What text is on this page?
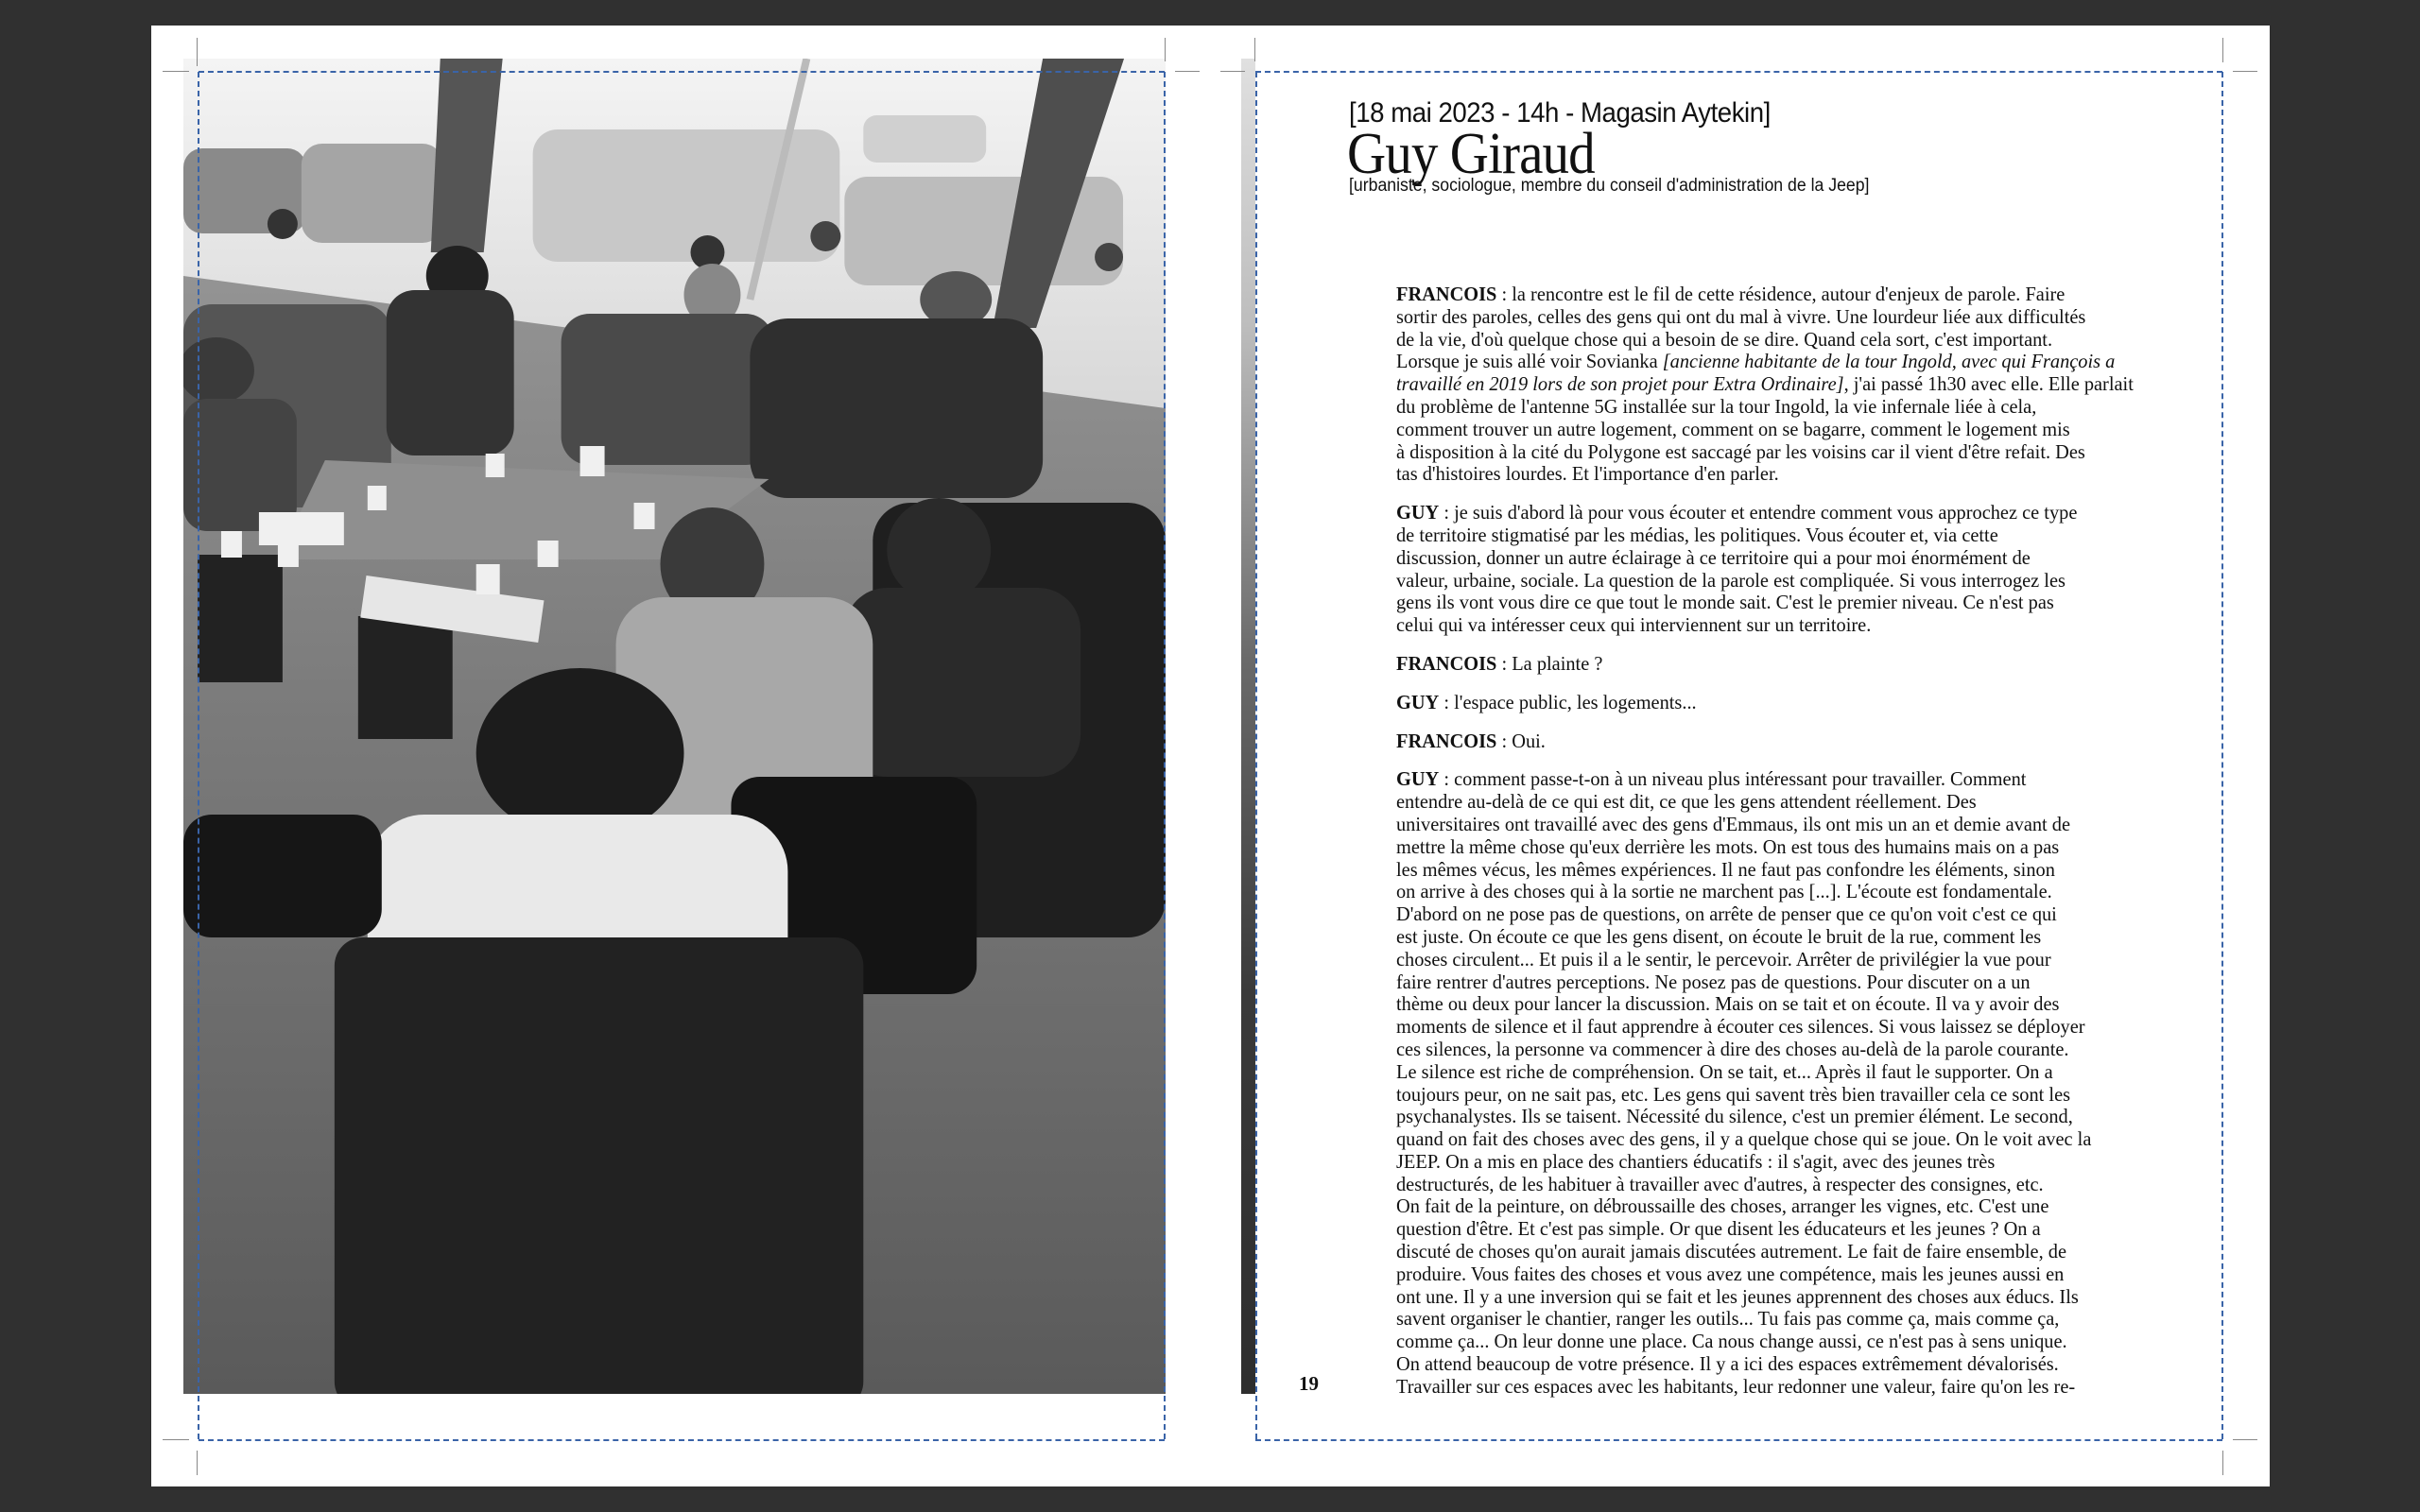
[18 mai 2023 - 14h - Magasin Aytekin]
Guy Giraud
[urbaniste, sociologue, membre du conseil d'administration de la Jeep]

FRANCOIS : la rencontre est le fil de cette résidence, autour d'enjeux de parole. Faire
sortir des paroles, celles des gens qui ont du mal à vivre. Une lourdeur liée aux difficultés
de la vie, d'où quelque chose qui a besoin de se dire. Quand cela sort, c'est important.
Lorsque je suis allé voir Sovianka [ancienne habitante de la tour Ingold, avec qui François a
travaillé en 2019 lors de son projet pour Extra Ordinaire], j'ai passé 1h30 avec elle. Elle parlait
du problème de l'antenne 5G installée sur la tour Ingold, la vie infernale liée à cela,
comment trouver un autre logement, comment on se bagarre, comment le logement mis
à disposition à la cité du Polygone est saccagé par les voisins car il vient d'être refait. Des
tas d'histoires lourdes. Et l'importance d'en parler.

GUY : je suis d'abord là pour vous écouter et entendre comment vous approchez ce type
de territoire stigmatisé par les médias, les politiques. Vous écouter et, via cette
discussion, donner un autre éclairage à ce territoire qui a pour moi énormément de
valeur, urbaine, sociale. La question de la parole est compliquée. Si vous interrogez les
gens ils vont vous dire ce que tout le monde sait. C'est le premier niveau. Ce n'est pas
celui qui va intéresser ceux qui interviennent sur un territoire.

FRANCOIS : La plainte ?

GUY : l'espace public, les logements...

FRANCOIS : Oui.

GUY : comment passe-t-on à un niveau plus intéressant pour travailler. Comment
entendre au-delà de ce qui est dit, ce que les gens attendent réellement. Des
universitaires ont travaillé avec des gens d'Emmaus, ils ont mis un an et demie avant de
mettre la même chose qu'eux derrière les mots. On est tous des humains mais on a pas
les mêmes vécus, les mêmes expériences. Il ne faut pas confondre les éléments, sinon
on arrive à des choses qui à la sortie ne marchent pas [...]. L'écoute est fondamentale.
D'abord on ne pose pas de questions, on arrête de penser que ce qu'on voit c'est ce qui
est juste. On écoute ce que les gens disent, on écoute le bruit de la rue, comment les
choses circulent... Et puis il a le sentir, le percevoir. Arrêter de privilégier la vue pour
faire rentrer d'autres perceptions. Ne posez pas de questions. Pour discuter on a un
thème ou deux pour lancer la discussion. Mais on se tait et on écoute. Il va y avoir des
moments de silence et il faut apprendre à écouter ces silences. Si vous laissez se déployer
ces silences, la personne va commencer à dire des choses au-delà de la parole courante.
Le silence est riche de compréhension. On se tait, et... Après il faut le supporter. On a
toujours peur, on ne sait pas, etc. Les gens qui savent très bien travailler cela ce sont les
psychanalystes. Ils se taisent. Nécessité du silence, c'est un premier élément. Le second,
quand on fait des choses avec des gens, il y a quelque chose qui se joue. On le voit avec la
JEEP. On a mis en place des chantiers éducatifs : il s'agit, avec des jeunes très
destructurés, de les habituer à travailler avec d'autres, à respecter des consignes, etc.
On fait de la peinture, on débroussaille des choses, arranger les vignes, etc. C'est une
question d'être. Et c'est pas simple. Or que disent les éducateurs et les jeunes ? On a
discuté de choses qu'on aurait jamais discutées autrement. Le fait de faire ensemble, de
produire. Vous faites des choses et vous avez une compétence, mais les jeunes aussi en
ont une. Il y a une inversion qui se fait et les jeunes apprennent des choses aux éducs. Ils
savent organiser le chantier, ranger les outils... Tu fais pas comme ça, mais comme ça,
comme ça... On leur donne une place. Ca nous change aussi, ce n'est pas à sens unique.
On attend beaucoup de votre présence. Il y a ici des espaces extrêmement dévalorisés.
Travailler sur ces espaces avec les habitants, leur redonner une valeur, faire qu'on les re-

19
